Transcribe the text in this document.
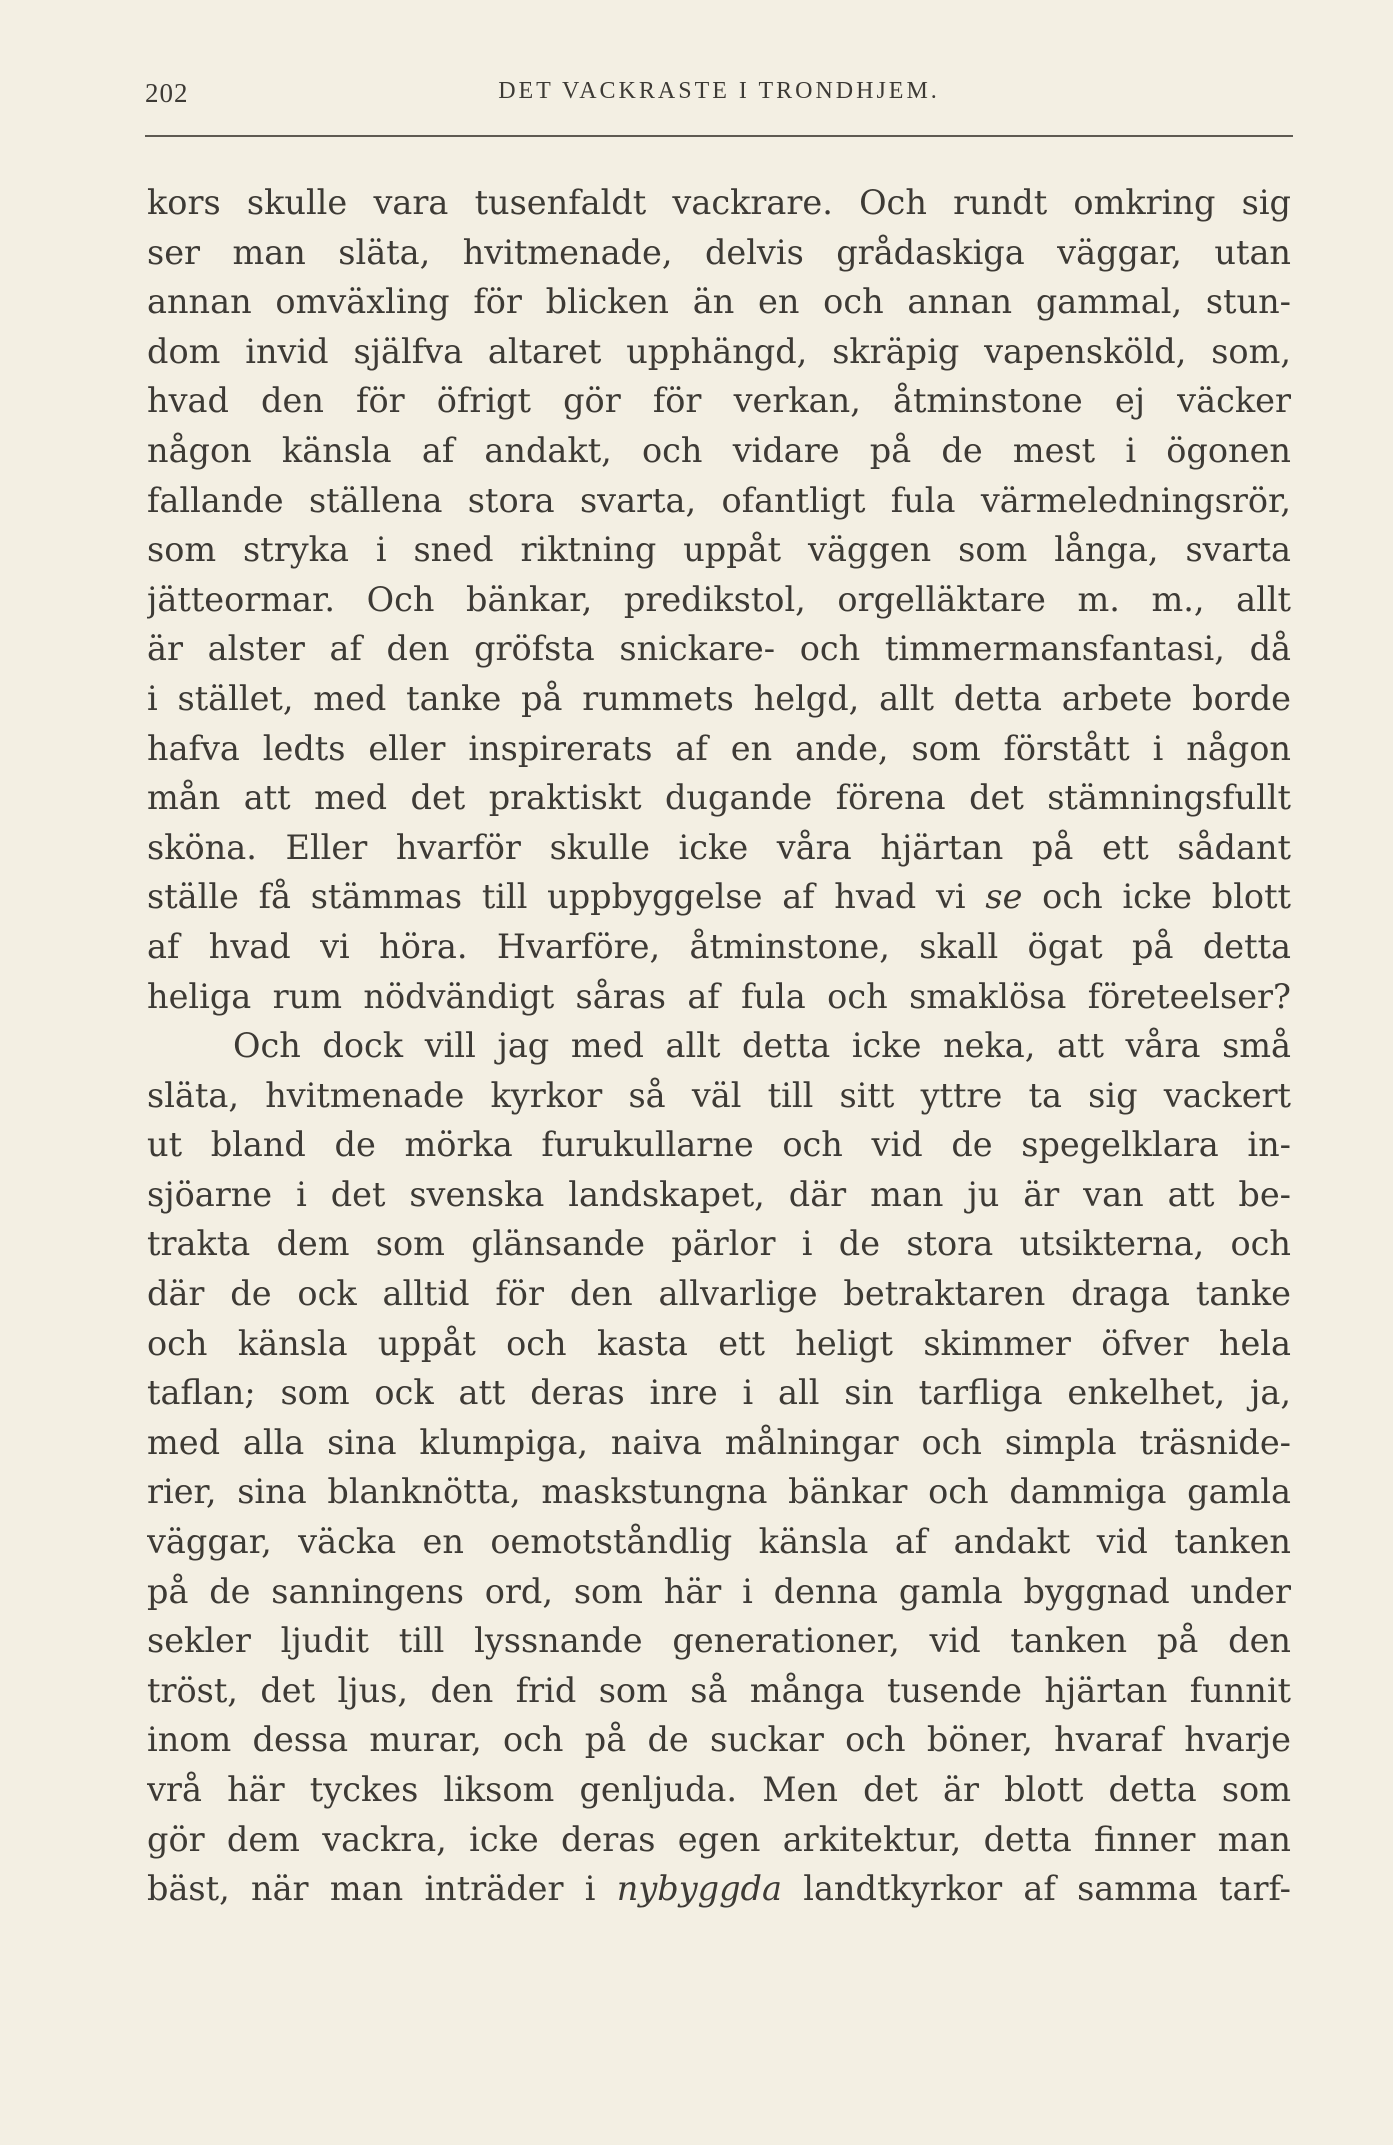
202	DET VACKRASTE I TRONDHJEM.
kors skulle vara tusenfaldt vackrare. Och rundt omkring sig
ser man släta, hvitmenade, delvis grådaskiga väggar, utan
annan omväxling för blicken än en och annan gammal, stun-
dom invid själfva altaret upphängd, skräpig vapensköld, som,
hvad den för öfrigt gör för verkan, åtminstone ej väcker
någon känsla af andakt, och vidare på de mest i ögonen
fallande ställena stora svarta, ofantligt fula värmeledningsrör,
som stryka i sned riktning uppåt väggen som långa, svarta
jätteormar. Och bänkar, predikstol, orgelläktare m. m., allt
är alster af den gröfsta snickare- och timmermansfantasi, då
i stället, med tanke på rummets helgd, allt detta arbete borde
hafva ledts eller inspirerats af en ande, som förstått i någon
mån att med det praktiskt dugande förena det stämningsfullt
sköna. Eller hvarför skulle icke våra hjärtan på ett sådant
ställe få stämmas till uppbyggelse af hvad vi se och icke blott
af hvad vi höra. Hvarföre, åtminstone, skall ögat på detta
heliga rum nödvändigt såras af fula och smaklösa företeelser?
Och dock vill jag med allt detta icke neka, att våra små
släta, hvitmenade kyrkor så väl till sitt yttre ta sig vackert
ut bland de mörka furukullarne och vid de spegelklara in-
sjöarne i det svenska landskapet, där man ju är van att be-
trakta dem som glänsande pärlor i de stora utsikterna, och
där de ock alltid för den allvarlige betraktaren draga tanke
och känsla uppåt och kasta ett heligt skimmer öfver hela
taflan; som ock att deras inre i all sin tarfliga enkelhet, ja,
med alla sina klumpiga, naiva målningar och simpla träsnide-
rier, sina blanknötta, maskstungna bänkar och dammiga gamla
väggar, väcka en oemotståndlig känsla af andakt vid tanken
på de sanningens ord, som här i denna gamla byggnad under
sekler ljudit till lyssnande generationer, vid tanken på den
tröst, det ljus, den frid som så många tusende hjärtan funnit
inom dessa murar, och på de suckar och böner, hvaraf hvarje
vrå här tyckes liksom genljuda. Men det är blott detta som
gör dem vackra, icke deras egen arkitektur, detta finner man
bäst, när man inträder i nybyggda landtkyrkor af samma tarf-
